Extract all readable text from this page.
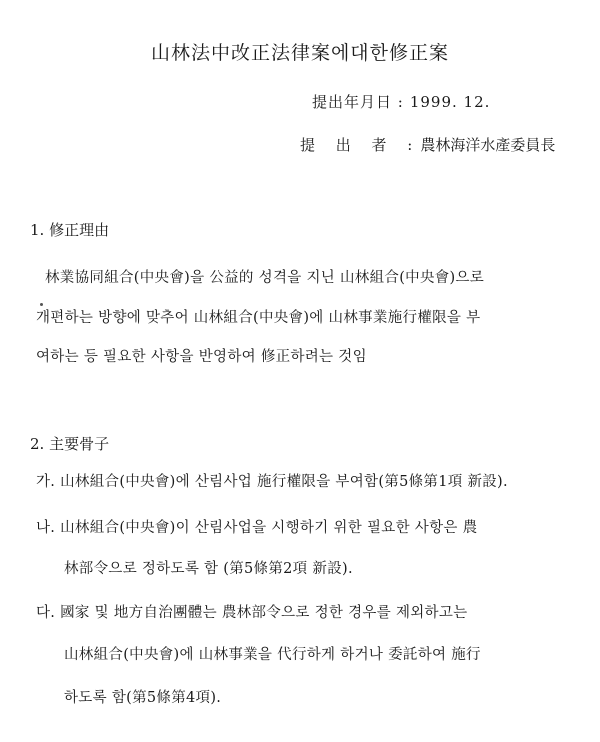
山林法中改正法律案에대한修正案
提出年月日 : 1999. 12.
提 出 者 :農林海洋水產委員長
1. 修正理由
林業協同組合(中央會)을 公益的 성격을 지닌 山林組合(中央會)으로
개편하는 방향에 맞추어 山林組合(中央會)에 山林事業施行權限을 부
여하는 등 필요한 사항을 반영하여 修正하려는 것임
2. 主要骨子
가. 山林組合(中央會)에 산림사업 施行權限을 부여함(第5條第1項 新設).
나. 山林組合(中央會)이 산림사업을 시행하기 위한 필요한 사항은 農
林部令으로 정하도록 함 (第5條第2項 新設).
다. 國家 및 地方自治團體는 農林部令으로 정한 경우를 제외하고는
山林組合(中央會)에 山林事業을 代行하게 하거나 委託하여 施行
하도록 함(第5條第4項).
